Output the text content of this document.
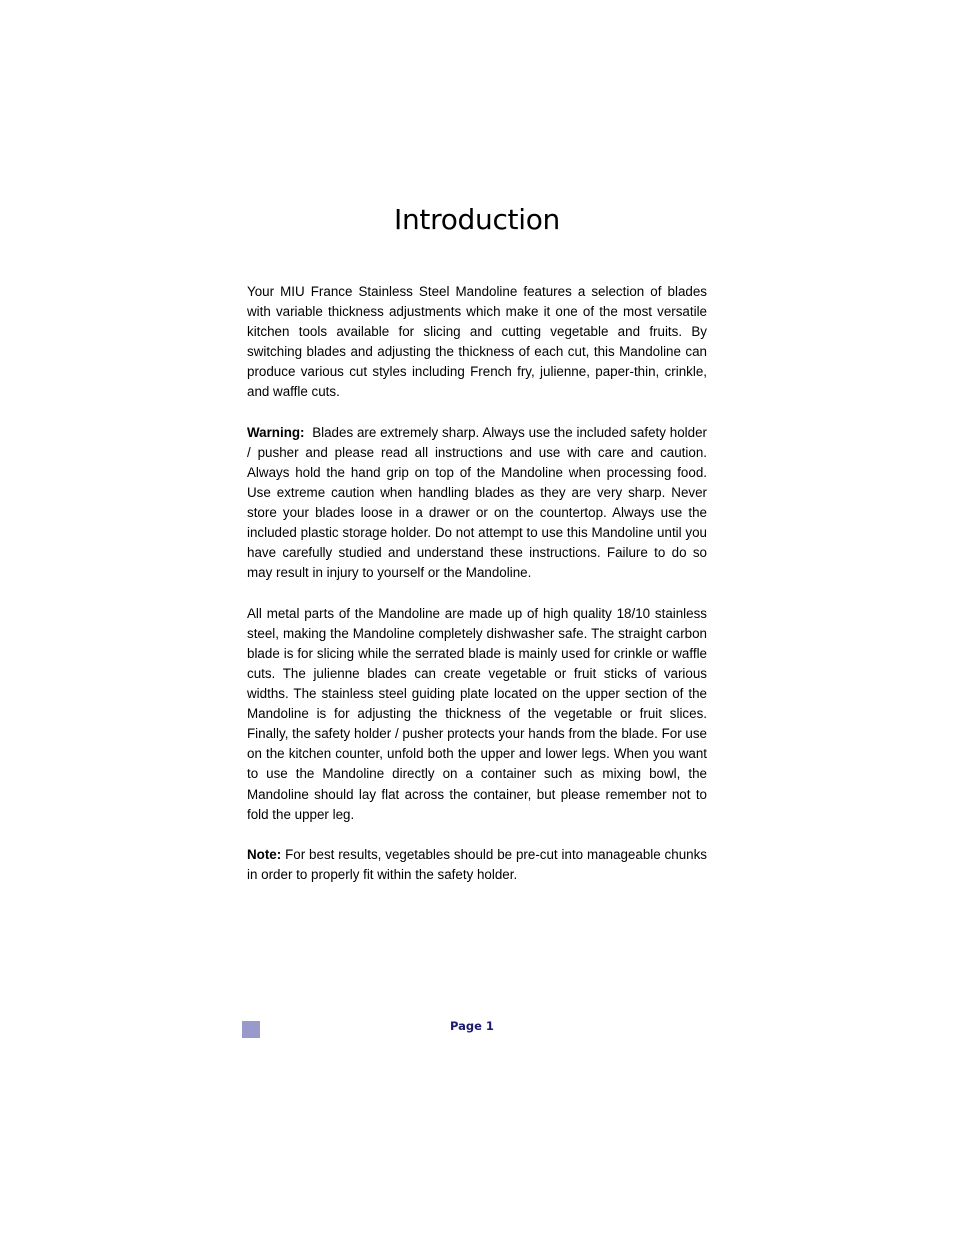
Introduction

Your MIU France Stainless Steel Mandoline features a selection of blades with variable thickness adjustments which make it one of the most versatile kitchen tools available for slicing and cutting vegetable and fruits. By switching blades and adjusting the thickness of each cut, this Mandoline can produce various cut styles including French fry, julienne, paper-thin, crinkle, and waffle cuts.

Warning: Blades are extremely sharp. Always use the included safety holder / pusher and please read all instructions and use with care and caution. Always hold the hand grip on top of the Mandoline when processing food. Use extreme caution when handling blades as they are very sharp. Never store your blades loose in a drawer or on the countertop. Always use the included plastic storage holder. Do not attempt to use this Mandoline until you have carefully studied and understand these instructions. Failure to do so may result in injury to yourself or the Mandoline.

All metal parts of the Mandoline are made up of high quality 18/10 stainless steel, making the Mandoline completely dishwasher safe. The straight carbon blade is for slicing while the serrated blade is mainly used for crinkle or waffle cuts. The julienne blades can create vegetable or fruit sticks of various widths. The stainless steel guiding plate located on the upper section of the Mandoline is for adjusting the thickness of the vegetable or fruit slices. Finally, the safety holder / pusher protects your hands from the blade. For use on the kitchen counter, unfold both the upper and lower legs. When you want to use the Mandoline directly on a container such as mixing bowl, the Mandoline should lay flat across the container, but please remember not to fold the upper leg.

Note: For best results, vegetables should be pre-cut into manageable chunks in order to properly fit within the safety holder.

Page 1
